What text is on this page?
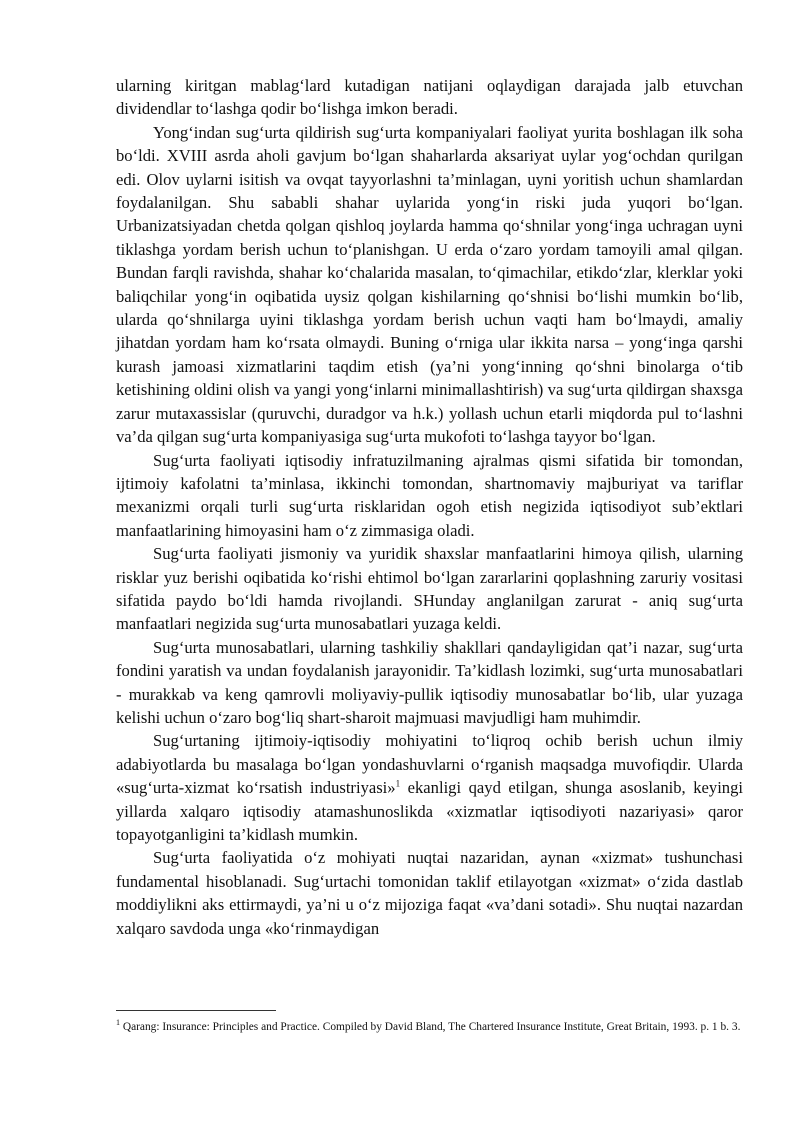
ularning kiritgan mablag‘lard kutadigan natijani oqlaydigan darajada jalb etuvchan dividendlar to‘lashga qodir bo‘lishga imkon beradi.

Yong‘indan sug‘urta qildirish sug‘urta kompaniyalari faoliyat yurita boshlagan ilk soha bo‘ldi. XVIII asrda aholi gavjum bo‘lgan shaharlarda aksariyat uylar yog‘ochdan qurilgan edi. Olov uylarni isitish va ovqat tayyorlashni ta’minlagan, uyni yoritish uchun shamlardan foydalanilgan. Shu sababli shahar uylarida yong‘in riski juda yuqori bo‘lgan. Urbanizatsiyadan chetda qolgan qishloq joylarda hamma qo‘shnilar yong‘inga uchragan uyni tiklashga yordam berish uchun to‘planishgan. U erda o‘zaro yordam tamoyili amal qilgan. Bundan farqli ravishda, shahar ko‘chalarida masalan, to‘qimachilar, etikdo‘zlar, klerklar yoki baliqchilar yong‘in oqibatida uysiz qolgan kishilarning qo‘shnisi bo‘lishi mumkin bo‘lib, ularda qo‘shnilarga uyini tiklashga yordam berish uchun vaqti ham bo‘lmaydi, amaliy jihatdan yordam ham ko‘rsata olmaydi. Buning o‘rniga ular ikkita narsa – yong‘inga qarshi kurash jamoasi xizmatlarini taqdim etish (ya’ni yong‘inning qo‘shni binolarga o‘tib ketishining oldini olish va yangi yong‘inlarni minimallashtirish) va sug‘urta qildirgan shaxsga zarur mutaxassislar (quruvchi, duradgor va h.k.) yollash uchun etarli miqdorda pul to‘lashni va’da qilgan sug‘urta kompaniyasiga sug‘urta mukofoti to‘lashga tayyor bo‘lgan.

Sug‘urta faoliyati iqtisodiy infratuzilmaning ajralmas qismi sifatida bir tomondan, ijtimoiy kafolatni ta’minlasa, ikkinchi tomondan, shartnomaviy majburiyat va tariflar mexanizmi orqali turli sug‘urta risklaridan ogoh etish negizida iqtisodiyot sub’ektlari manfaatlarining himoyasini ham o‘z zimmasiga oladi.

Sug‘urta faoliyati jismoniy va yuridik shaxslar manfaatlarini himoya qilish, ularning risklar yuz berishi oqibatida ko‘rishi ehtimol bo‘lgan zararlarini qoplashning zaruriy vositasi sifatida paydo bo‘ldi hamda rivojlandi. SHunday anglanilgan zarurat - aniq sug‘urta manfaatlari negizida sug‘urta munosabatlari yuzaga keldi.

Sug‘urta munosabatlari, ularning tashkiliy shakllari qandayligidan qat’i nazar, sug‘urta fondini yaratish va undan foydalanish jarayonidir. Ta’kidlash lozimki, sug‘urta munosabatlari - murakkab va keng qamrovli moliyaviy-pullik iqtisodiy munosabatlar bo‘lib, ular yuzaga kelishi uchun o‘zaro bog‘liq shart-sharoit majmuasi mavjudligi ham muhimdir.

Sug‘urtaning ijtimoiy-iqtisodiy mohiyatini to‘liqroq ochib berish uchun ilmiy adabiyotlarda bu masalaga bo‘lgan yondashuvlarni o‘rganish maqsadga muvofiqdir. Ularda «sug‘urta-xizmat ko‘rsatish industriyasi»$^1$ ekanligi qayd etilgan, shunga asoslanib, keyingi yillarda xalqaro iqtisodiy atamashunoslikda «xizmatlar iqtisodiyoti nazariyasi» qaror topayotganligini ta’kidlash mumkin.

Sug‘urta faoliyatida o‘z mohiyati nuqtai nazaridan, aynan «xizmat» tushunchasi fundamental hisoblanadi. Sug‘urtachi tomonidan taklif etilayotgan «xizmat» o‘zida dastlab moddiylikni aks ettirmaydi, ya’ni u o‘z mijoziga faqat «va’dani sotadi». Shu nuqtai nazardan xalqaro savdoda unga «ko‘rinmaydigan

$^1$ Qarang: Insurance: Principles and Practice. Compiled by David Bland, The Chartered Insurance Institute, Great Britain, 1993. p. 1 b. 3.
